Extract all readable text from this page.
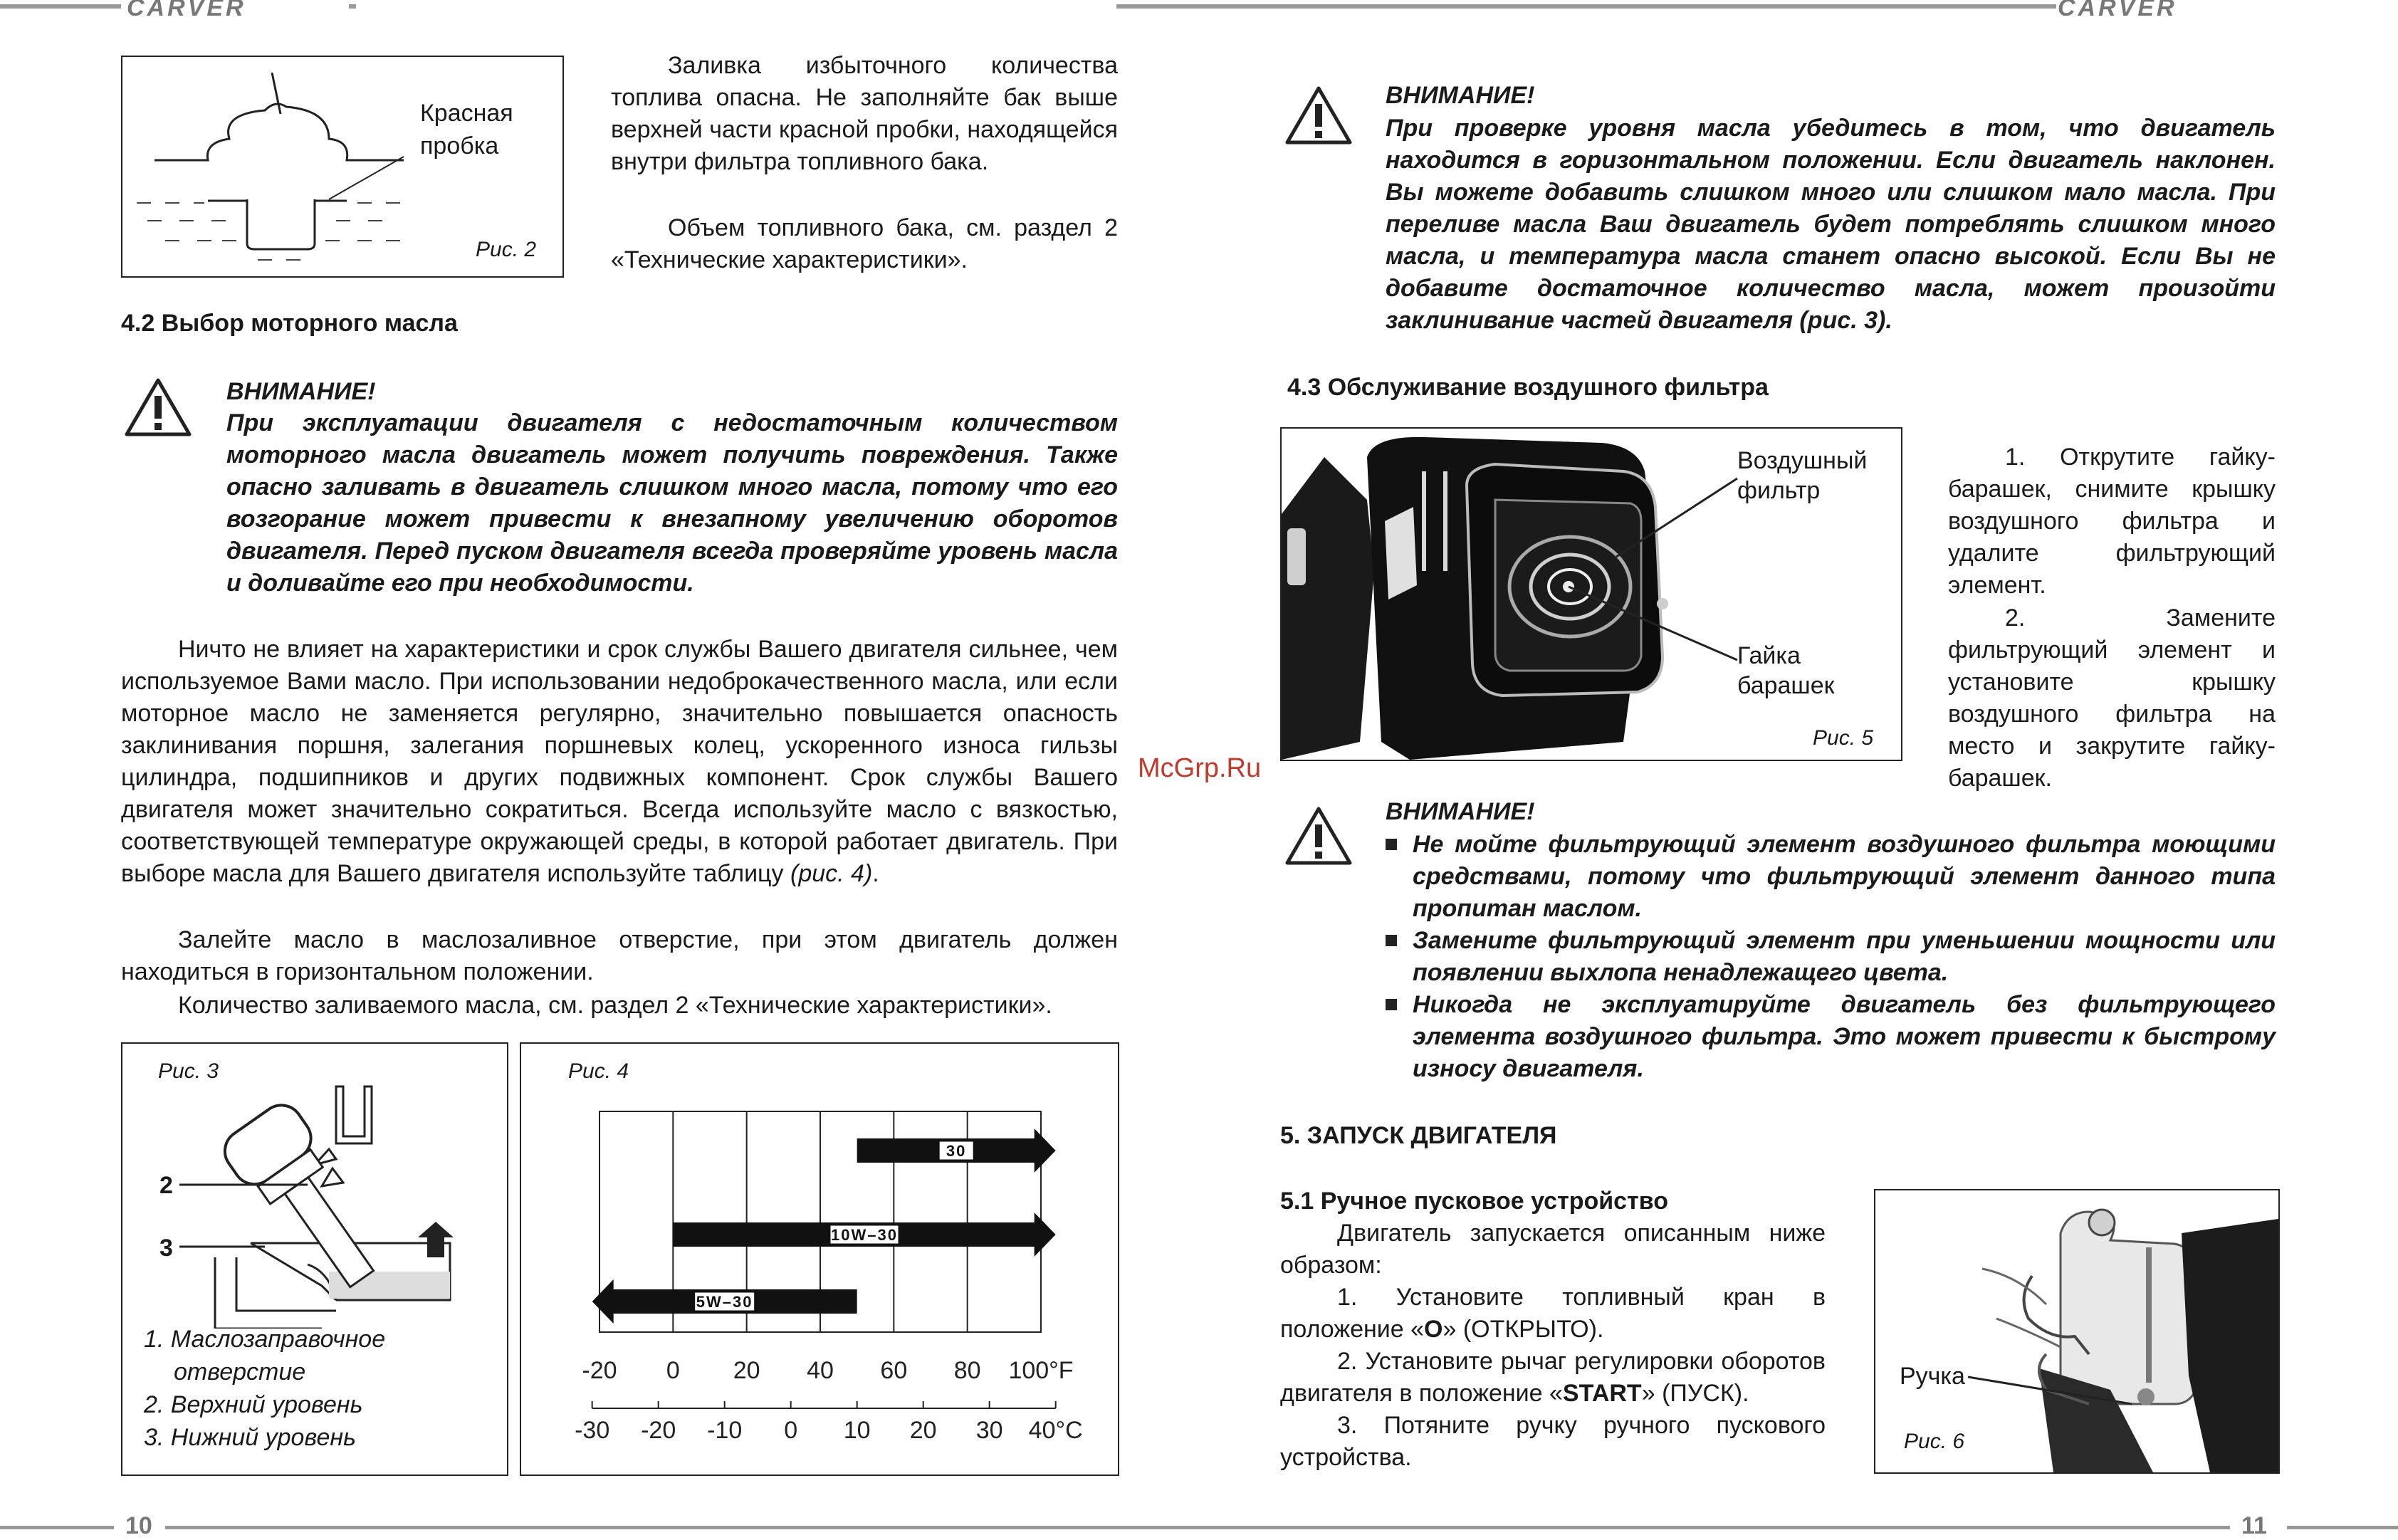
CARVER	CARVER
Красная
пробка
Рис. 2
Заливка избыточного количества топлива опасна. Не заполняйте бак выше верхней части красной пробки, находящейся внутри фильтра топливного бака.
Объем топливного бака, см. раздел 2 «Технические характеристики».
4.2 Выбор моторного масла
ВНИМАНИЕ!
При эксплуатации двигателя с недостаточным количеством моторного масла двигатель может получить повреждения. Также опасно заливать в двигатель слишком много масла, потому что его возгорание может привести к внезапному увеличению оборотов двигателя. Перед пуском двигателя всегда проверяйте уровень масла и доливайте его при необходимости.
Ничто не влияет на характеристики и срок службы Вашего двигателя сильнее, чем используемое Вами масло. При использовании недоброкачественного масла, или если моторное масло не заменяется регулярно, значительно повышается опасность заклинивания поршня, залегания поршневых колец, ускоренного износа гильзы цилиндра, подшипников и других подвижных компонент. Срок службы Вашего двигателя может значительно сократиться. Всегда используйте масло с вязкостью, соответствующей температуре окружающей среды, в которой работает двигатель. При выборе масла для Вашего двигателя используйте таблицу (рис. 4).
Залейте масло в маслозаливное отверстие, при этом двигатель должен находиться в горизонтальном положении.
Количество заливаемого масла, см. раздел 2 «Технические характеристики».
Рис. 3
2
3
1. Маслозаправочное
отверстие
2. Верхний уровень
3. Нижний уровень
Рис. 4
30
10W–30
5W–30
-20 0 20 40 60 80 100°F
-30 -20 -10 0 10 20 30 40°C
ВНИМАНИЕ!
При проверке уровня масла убедитесь в том, что двигатель находится в горизонтальном положении. Если двигатель наклонен. Вы можете добавить слишком много или слишком мало масла. При переливе масла Ваш двигатель будет потреблять слишком много масла, и температура масла станет опасно высокой. Если Вы не добавите достаточное количество масла, может произойти заклинивание частей двигателя (рис. 3).
4.3 Обслуживание воздушного фильтра
Воздушный
фильтр
Гайка
барашек
Рис. 5
1. Открутите гайку-барашек, снимите крышку воздушного фильтра и удалите фильтрующий элемент.
2. Замените фильтрующий элемент и установите крышку воздушного фильтра на место и закрутите гайку-барашек.
McGrp.Ru
ВНИМАНИЕ!
Не мойте фильтрующий элемент воздушного фильтра моющими средствами, потому что фильтрующий элемент данного типа пропитан маслом.
Замените фильтрующий элемент при уменьшении мощности или появлении выхлопа ненадлежащего цвета.
Никогда не эксплуатируйте двигатель без фильтрующего элемента воздушного фильтра. Это может привести к быстрому износу двигателя.
5. ЗАПУСК ДВИГАТЕЛЯ
5.1 Ручное пусковое устройство
Двигатель запускается описанным ниже образом:
1. Установите топливный кран в положение «O» (ОТКРЫТО).
2. Установите рычаг регулировки оборотов двигателя в положение «START» (ПУСК).
3. Потяните ручку ручного пускового устройства.
Ручка
Рис. 6
10	11
